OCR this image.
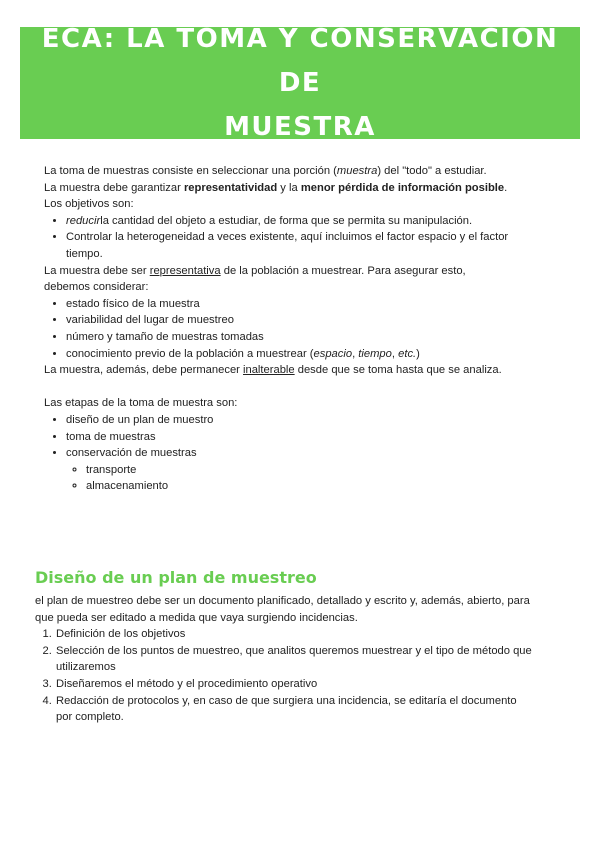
ECA: LA TOMA Y CONSERVACIÓN DE
MUESTRA

La toma de muestras consiste en seleccionar una porción (muestra) del "todo" a estudiar.

La muestra debe garantizar representatividad y la menor pérdida de información posible.

Los objetivos son:

• reducirla cantidad del objeto a estudiar, de forma que se permita su manipulación.
• Controlar la heterogeneidad a veces existente, aquí incluimos el factor espacio y el factor tiempo.

La muestra debe ser representativa de la población a muestrear. Para asegurar esto, debemos considerar:

• estado físico de la muestra
• variabilidad del lugar de muestreo
• número y tamaño de muestras tomadas
• conocimiento previo de la población a muestrear (espacio, tiempo, etc.)

La muestra, además, debe permanecer inalterable desde que se toma hasta que se analiza.

Las etapas de la toma de muestra son:

• diseño de un plan de muestro
• toma de muestras
• conservación de muestras
◦ transporte
◦ almacenamiento
Diseño de un plan de muestreo

el plan de muestreo debe ser un documento planificado, detallado y escrito y, además, abierto, para que pueda ser editado a medida que vaya surgiendo incidencias.

1. Definición de los objetivos
2. Selección de los puntos de muestreo, que analitos queremos muestrear y el tipo de método que utilizaremos
3. Diseñaremos el método y el procedimiento operativo
4. Redacción de protocolos y, en caso de que surgiera una incidencia, se editaría el documento por completo.
